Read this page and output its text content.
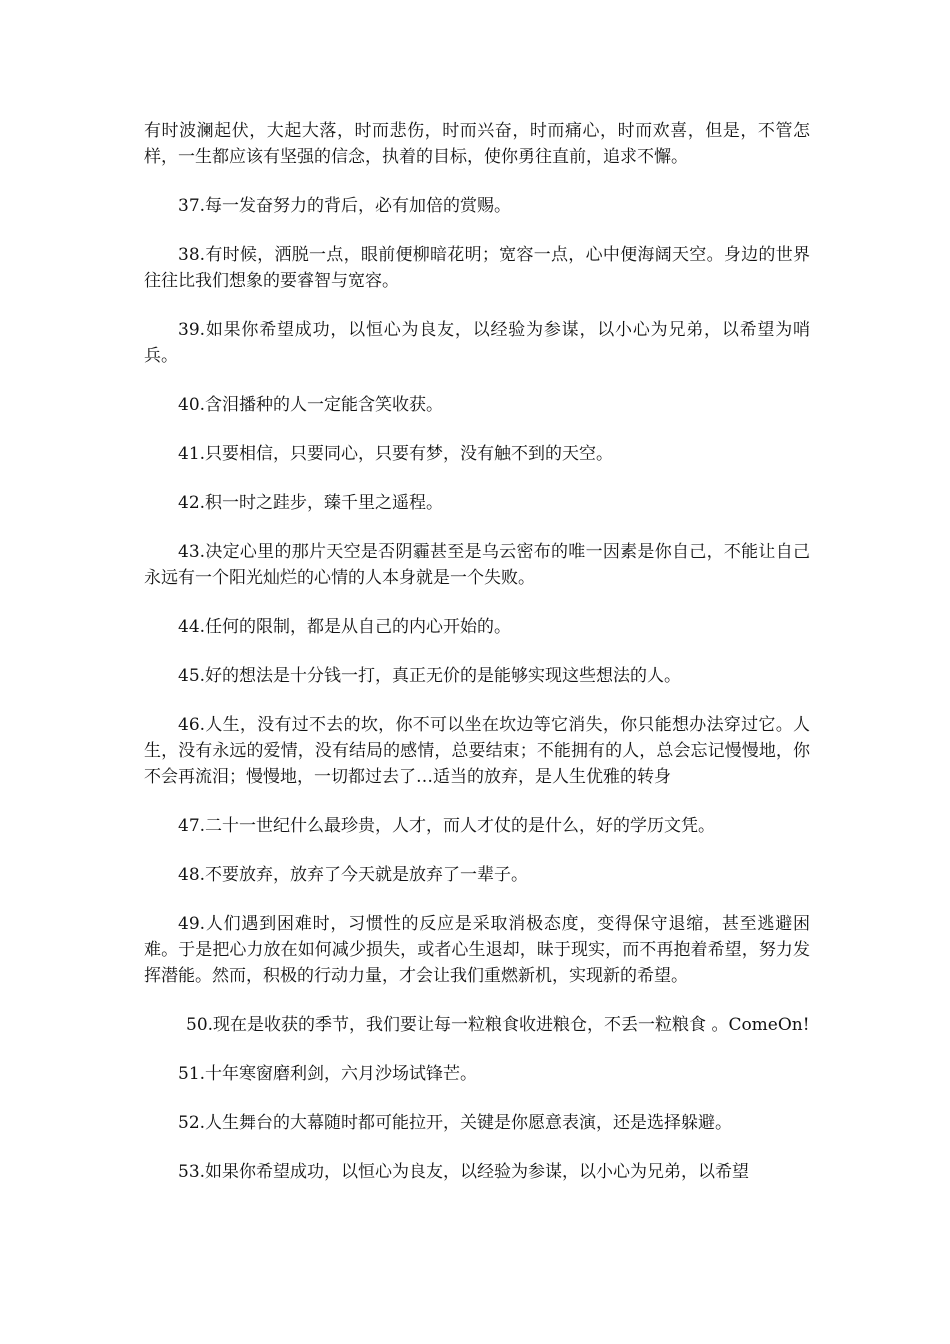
有时波澜起伏，大起大落，时而悲伤，时而兴奋，时而痛心，时而欢喜，但是，不管怎样，一生都应该有坚强的信念，执着的目标，使你勇往直前，追求不懈。

37.每一发奋努力的背后，必有加倍的赏赐。

38.有时候，洒脱一点，眼前便柳暗花明；宽容一点，心中便海阔天空。身边的世界往往比我们想象的要睿智与宽容。

39.如果你希望成功，以恒心为良友，以经验为参谋，以小心为兄弟，以希望为哨兵。

40.含泪播种的人一定能含笑收获。

41.只要相信，只要同心，只要有梦，没有触不到的天空。

42.积一时之跬步，臻千里之遥程。

43.决定心里的那片天空是否阴霾甚至是乌云密布的唯一因素是你自己，不能让自己永远有一个阳光灿烂的心情的人本身就是一个失败。

44.任何的限制，都是从自己的内心开始的。

45.好的想法是十分钱一打，真正无价的是能够实现这些想法的人。

46.人生，没有过不去的坎，你不可以坐在坎边等它消失，你只能想办法穿过它。人生，没有永远的爱情，没有结局的感情，总要结束；不能拥有的人，总会忘记慢慢地，你不会再流泪；慢慢地，一切都过去了…适当的放弃，是人生优雅的转身

47.二十一世纪什么最珍贵，人才，而人才仗的是什么，好的学历文凭。

48.不要放弃，放弃了今天就是放弃了一辈子。

49.人们遇到困难时，习惯性的反应是采取消极态度，变得保守退缩，甚至逃避困难。于是把心力放在如何减少损失，或者心生退却，昧于现实，而不再抱着希望，努力发挥潜能。然而，积极的行动力量，才会让我们重燃新机，实现新的希望。

50.现在是收获的季节，我们要让每一粒粮食收进粮仓，不丢一粒粮食 。ComeOn!

51.十年寒窗磨利剑，六月沙场试锋芒。

52.人生舞台的大幕随时都可能拉开，关键是你愿意表演，还是选择躲避。

53.如果你希望成功，以恒心为良友，以经验为参谋，以小心为兄弟，以希望
